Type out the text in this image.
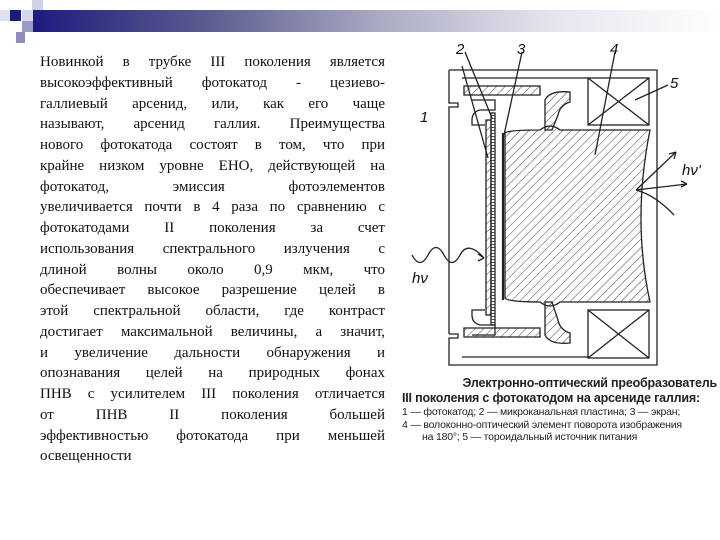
Новинкой в трубке III поколения является
высокоэффективный фотокатод - цезиево-
галлиевый арсенид, или, как его чаще
называют, арсенид галлия. Преимущества
нового фотокатода состоят в том, что при
крайне низком уровне ЕНО, действующей на
фотокатод, эмиссия фотоэлементов
увеличивается почти в 4 раза по сравнению с
фотокатодами II поколения за счет
использования спектрального излучения с
длиной волны около 0,9 мкм, что
обеспечивает высокое разрешение целей в
этой спектральной области, где контраст
достигает максимальной величины, а значит,
и увеличение дальности обнаружения и
опознавания целей на природных фонах
ПНВ с усилителем III поколения отличается
от ПНВ II поколения большей
эффективностью фотокатода при меньшей
освещенности
1
2	3	4
5
hν'
hν
Электронно-оптический преобразователь
III поколения с фотокатодом на арсениде галлия:
1 — фотокатод; 2 — микроканальная пластина; 3 — экран;
4 — волоконно-оптический элемент поворота изображения
на 180°; 5 — тороидальный источник питания
